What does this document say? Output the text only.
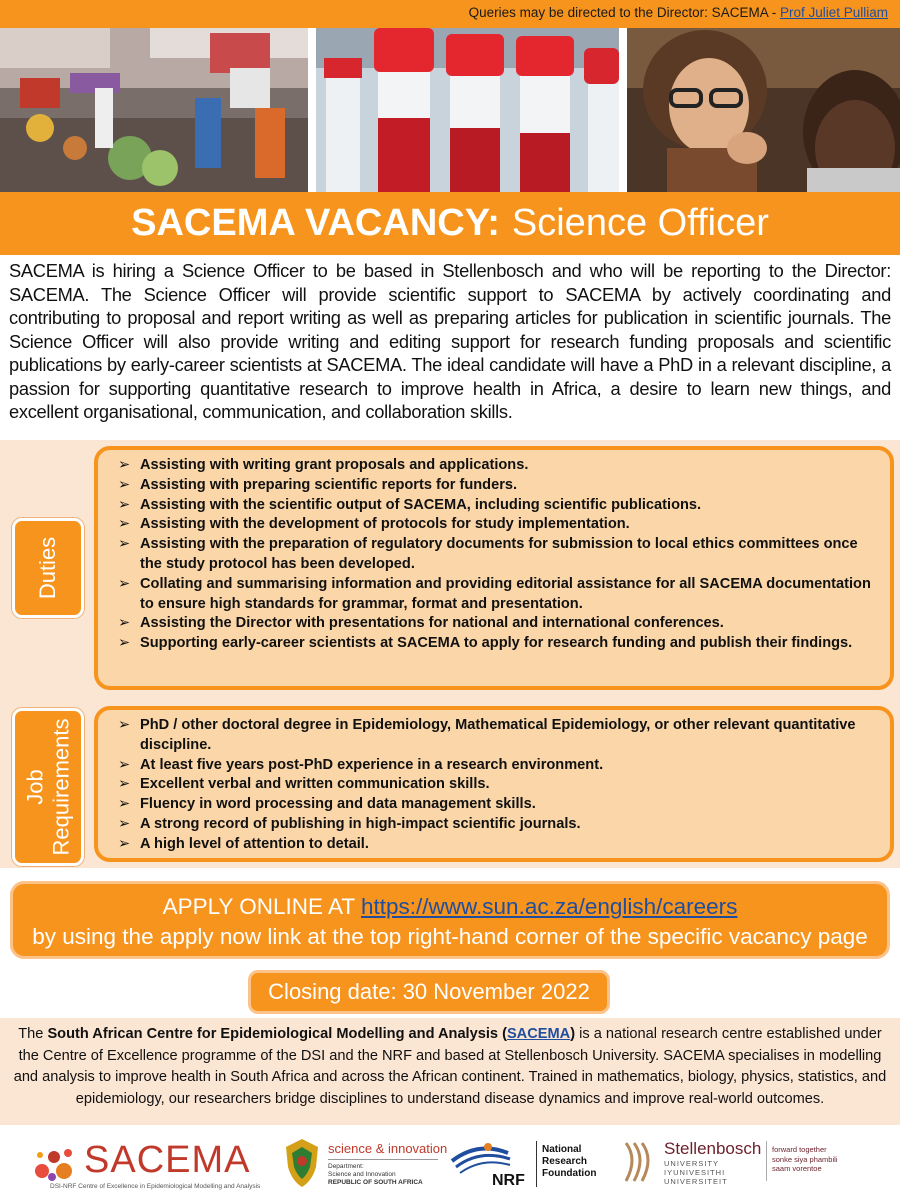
Queries may be directed to the Director: SACEMA - Prof Juliet Pulliam
SACEMA VACANCY: Science Officer
SACEMA is hiring a Science Officer to be based in Stellenbosch and who will be reporting to the Director: SACEMA. The Science Officer will provide scientific support to SACEMA by actively coordinating and contributing to proposal and report writing as well as preparing articles for publication in scientific journals. The Science Officer will also provide writing and editing support for research funding proposals and scientific publications by early-career scientists at SACEMA. The ideal candidate will have a PhD in a relevant discipline, a passion for supporting quantitative research to improve health in Africa, a desire to learn new things, and excellent organisational, communication, and collaboration skills.
Duties
➢ Assisting with writing grant proposals and applications.
➢ Assisting with preparing scientific reports for funders.
➢ Assisting with the scientific output of SACEMA, including scientific publications.
➢ Assisting with the development of protocols for study implementation.
➢ Assisting with the preparation of regulatory documents for submission to local ethics committees once the study protocol has been developed.
➢ Collating and summarising information and providing editorial assistance for all SACEMA documentation to ensure high standards for grammar, format and presentation.
➢ Assisting the Director with presentations for national and international conferences.
➢ Supporting early-career scientists at SACEMA to apply for research funding and publish their findings.
Job Requirements
➢	PhD / other doctoral degree in Epidemiology, Mathematical Epidemiology, or other relevant quantitative discipline.
➢ At least five years post-PhD experience in a research environment.
➢ Excellent verbal and written communication skills.
➢ Fluency in word processing and data management skills.
➢ A strong record of publishing in high-impact scientific journals.
➢ A high level of attention to detail.
APPLY ONLINE AT https://www.sun.ac.za/english/careers
by using the apply now link at the top right-hand corner of the specific vacancy page
Closing date: 30 November 2022
The South African Centre for Epidemiological Modelling and Analysis (SACEMA) is a national research centre established under the Centre of Excellence programme of the DSI and the NRF and based at Stellenbosch University. SACEMA specialises in modelling and analysis to improve health in South Africa and across the African continent. Trained in mathematics, biology, physics, statistics, and epidemiology, our researchers bridge disciplines to understand disease dynamics and improve real-world outcomes.
SACEMA
DSI-NRF Centre of Excellence in Epidemiological Modelling and Analysis
science & innovation
Department:
Science and Innovation
REPUBLIC OF SOUTH AFRICA	NRF
National
Research
Foundation
Stellenbosch
UNIVERSITY
IYUNIVESITHI
UNIVERSITEIT
forward together
sonke siya phambili
saam vorentoe
